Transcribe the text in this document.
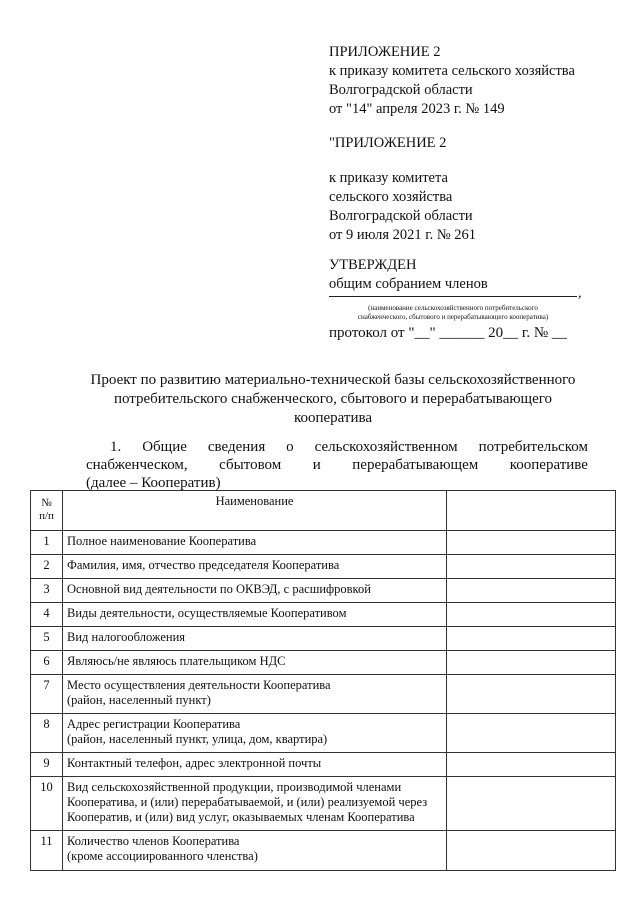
ПРИЛОЖЕНИЕ 2
к приказу комитета сельского хозяйства
Волгоградской области
от "14" апреля 2023 г. № 149
"ПРИЛОЖЕНИЕ 2
к приказу комитета
сельского хозяйства
Волгоградской области
от 9 июля 2021 г. № 261
УТВЕРЖДЕН
общим собранием членов
,
(наименование сельскохозяйственного потребительского
снабженческого, сбытового и перерабатывающего кооператива)
протокол от "__" ______ 20__ г. № __
Проект по развитию материально-технической базы сельскохозяйственного
потребительского снабженческого, сбытового и перерабатывающего
кооператива
1. Общие сведения о сельскохозяйственном потребительском
снабженческом, сбытовом и перерабатывающем кооперативе
(далее – Кооператив)
№
п/п	Наименование	
1	Полное наименование Кооператива	
2	Фамилия, имя, отчество председателя Кооператива	
3	Основной вид деятельности по ОКВЭД, с расшифровкой	
4	Виды деятельности, осуществляемые Кооперативом	
5	Вид налогообложения	
6	Являюсь/не являюсь плательщиком НДС	
7	Место осуществления деятельности Кооператива
(район, населенный пункт)	
8	Адрес регистрации Кооператива
(район, населенный пункт, улица, дом, квартира)	
9	Контактный телефон, адрес электронной почты	
10	Вид сельскохозяйственной продукции, производимой членами
Кооператива, и (или) перерабатываемой, и (или) реализуемой через
Кооператив, и (или) вид услуг, оказываемых членам Кооператива	
11	Количество членов Кооператива
(кроме ассоциированного членства)	
